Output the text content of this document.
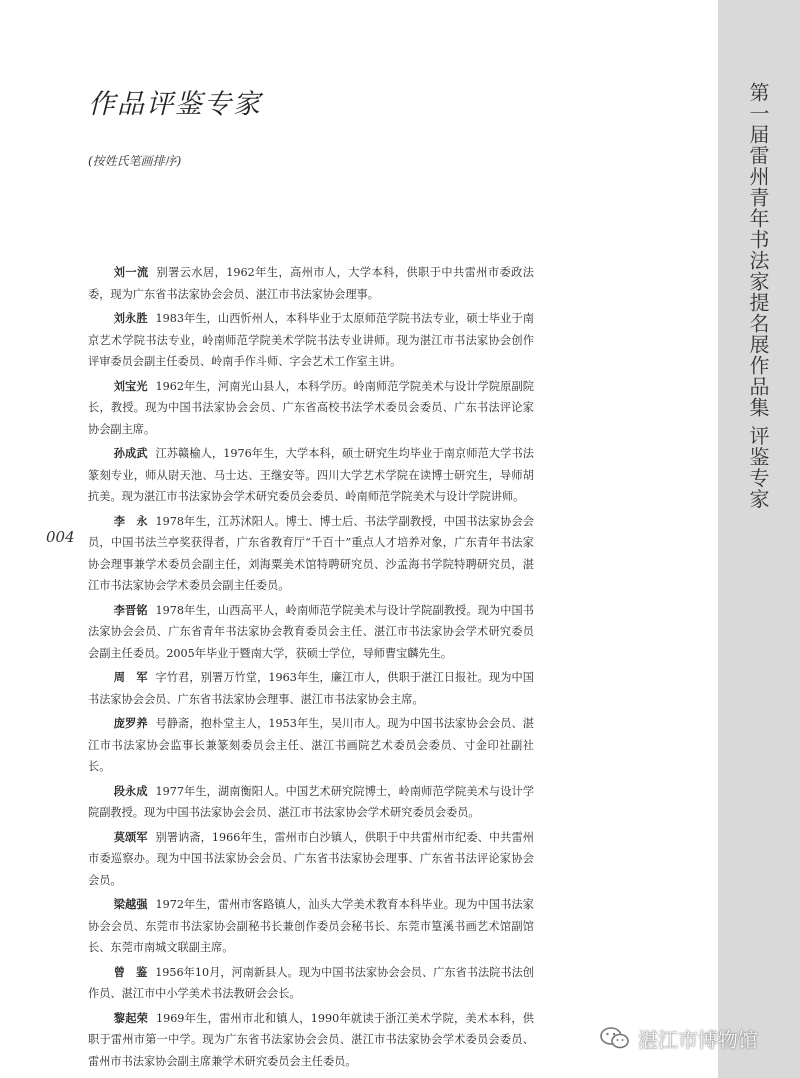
作品评鉴专家
(按姓氏笔画排序)
004

刘一流 别署云水居，1962年生，高州市人，大学本科，供职于中共雷州市委政法委，现为广东省书法家协会会员、湛江市书法家协会理事。

刘永胜 1983年生，山西忻州人，本科毕业于太原师范学院书法专业，硕士毕业于南京艺术学院书法专业，岭南师范学院美术学院书法专业讲师。现为湛江市书法家协会创作评审委员会副主任委员、岭南手作斗师、字会艺术工作室主讲。

刘宝光 1962年生，河南光山县人，本科学历。岭南师范学院美术与设计学院原副院长，教授。现为中国书法家协会会员、广东省高校书法学术委员会委员、广东书法评论家协会副主席。

孙成武 江苏赣榆人，1976年生，大学本科，硕士研究生均毕业于南京师范大学书法篆刻专业，师从尉天池、马士达、王继安等。四川大学艺术学院在读博士研究生，导师胡抗美。现为湛江市书法家协会学术研究委员会委员、岭南师范学院美术与设计学院讲师。

李　永 1978年生，江苏沭阳人。博士、博士后、书法学副教授，中国书法家协会会员，中国书法兰亭奖获得者，广东省教育厅“千百十”重点人才培养对象，广东青年书法家协会理事兼学术委员会副主任，刘海粟美术馆特聘研究员、沙孟海书学院特聘研究员，湛江市书法家协会学术委员会副主任委员。

李晋铭 1978年生，山西高平人，岭南师范学院美术与设计学院副教授。现为中国书法家协会会员、广东省青年书法家协会教育委员会主任、湛江市书法家协会学术研究委员会副主任委员。2005年毕业于暨南大学，获硕士学位，导师曹宝麟先生。

周　军 字竹君，别署万竹堂，1963年生，廉江市人，供职于湛江日报社。现为中国书法家协会会员、广东省书法家协会理事、湛江市书法家协会主席。

庞罗养 号静斋，抱朴堂主人，1953年生，吴川市人。现为中国书法家协会会员、湛江市书法家协会监事长兼篆刻委员会主任、湛江书画院艺术委员会委员、寸金印社副社长。

段永成 1977年生，湖南衡阳人。中国艺术研究院博士，岭南师范学院美术与设计学院副教授。现为中国书法家协会会员、湛江市书法家协会学术研究委员会委员。

莫颂军 别署讷斋，1966年生，雷州市白沙镇人，供职于中共雷州市纪委、中共雷州市委巡察办。现为中国书法家协会会员、广东省书法家协会理事、广东省书法评论家协会会员。

梁越强 1972年生，雷州市客路镇人，汕头大学美术教育本科毕业。现为中国书法家协会会员、东莞市书法家协会副秘书长兼创作委员会秘书长、东莞市篁溪书画艺术馆副馆长、东莞市南城文联副主席。

曾　鉴 1956年10月，河南新县人。现为中国书法家协会会员、广东省书法院书法创作员、湛江市中小学美术书法教研会会长。

黎起荣 1969年生，雷州市北和镇人，1990年就读于浙江美术学院，美术本科，供职于雷州市第一中学。现为广东省书法家协会会员、湛江市书法家协会学术委员会委员、雷州市书法家协会副主席兼学术研究委员会主任委员。

第一届雷州青年书法家提名展作品集 评鉴专家
湛江市博物馆
